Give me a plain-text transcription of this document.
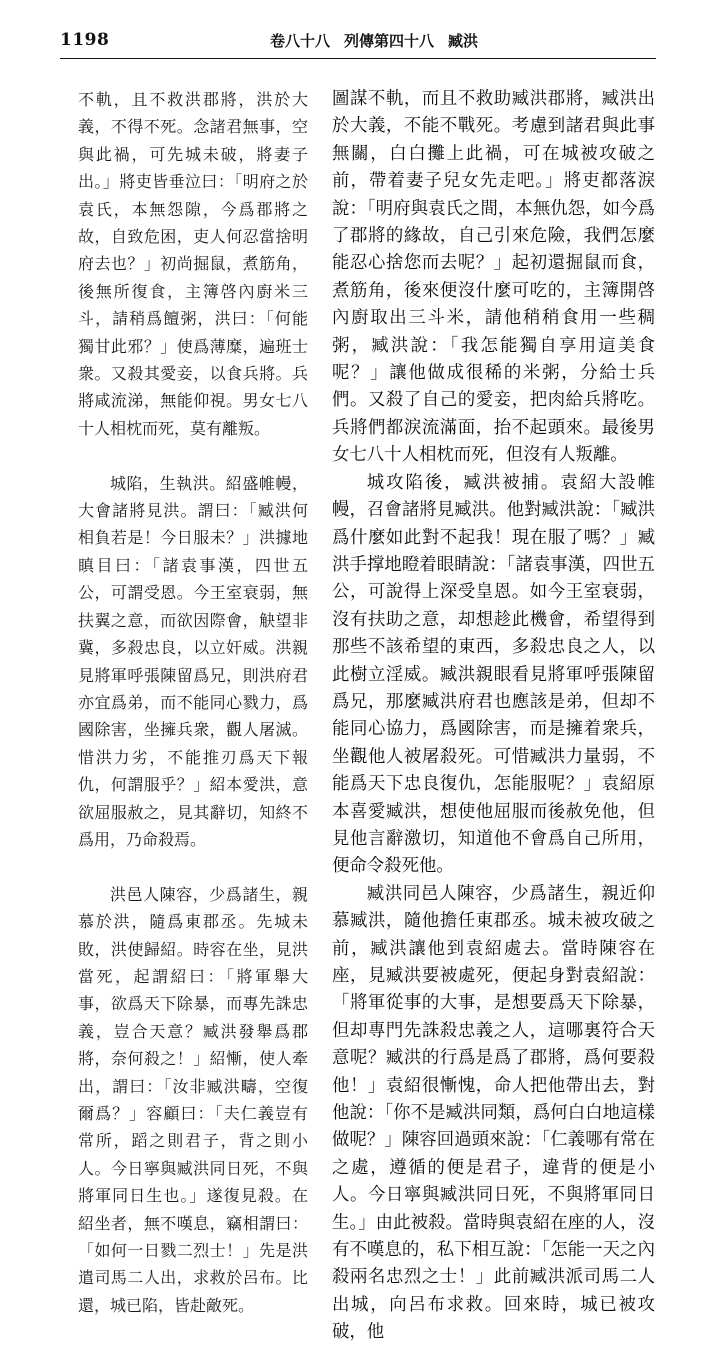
1198	卷八十八 列傳第四十八 臧洪

不軌，且不救洪郡將，洪於大義，不得不死。念諸君無事，空與此禍，可先城未破，將妻子出。」將吏皆垂泣曰：「明府之於袁氏，本無怨隙，今爲郡將之故，自致危困，吏人何忍當捨明府去也？」初尚掘鼠，煮筋角，後無所復食，主簿啓內廚米三斗，請稍爲饘粥，洪曰：「何能獨甘此邪？」使爲薄糜，遍班士衆。又殺其愛妾，以食兵將。兵將咸流涕，無能仰視。男女七八十人相枕而死，莫有離叛。

城陷，生執洪。紹盛帷幔，大會諸將見洪。謂曰：「臧洪何相負若是！今日服未？」洪據地瞋目曰：「諸袁事漢，四世五公，可謂受恩。今王室衰弱，無扶翼之意，而欲因際會，觖望非冀，多殺忠良，以立奸威。洪親見將軍呼張陳留爲兄，則洪府君亦宜爲弟，而不能同心戮力，爲國除害，坐擁兵衆，觀人屠滅。惜洪力劣，不能推刃爲天下報仇，何謂服乎？」紹本愛洪，意欲屈服赦之，見其辭切，知終不爲用，乃命殺焉。

洪邑人陳容，少爲諸生，親慕於洪，隨爲東郡丞。先城未敗，洪使歸紹。時容在坐，見洪當死，起謂紹曰：「將軍舉大事，欲爲天下除暴，而專先誅忠義，豈合天意？臧洪發舉爲郡將，奈何殺之！」紹慚，使人牽出，謂曰：「汝非臧洪疇，空復爾爲？」容顧曰：「夫仁義豈有常所，蹈之則君子，背之則小人。今日寧與臧洪同日死，不與將軍同日生也。」遂復見殺。在紹坐者，無不嘆息，竊相謂曰：「如何一日戮二烈士！」先是洪遣司馬二人出，求救於呂布。比還，城已陷，皆赴敵死。

圖謀不軌，而且不救助臧洪郡將，臧洪出於大義，不能不戰死。考慮到諸君與此事無關，白白攤上此禍，可在城被攻破之前，帶着妻子兒女先走吧。」將吏都落淚說：「明府與袁氏之間，本無仇怨，如今爲了郡將的緣故，自己引來危險，我們怎麼能忍心捨您而去呢？」起初還掘鼠而食，煮筋角，後來便沒什麼可吃的，主簿開啓內廚取出三斗米，請他稍稍食用一些稠粥，臧洪說：「我怎能獨自享用這美食呢？」讓他做成很稀的米粥，分給士兵們。又殺了自己的愛妾，把肉給兵將吃。兵將們都淚流滿面，抬不起頭來。最後男女七八十人相枕而死，但沒有人叛離。

城攻陷後，臧洪被捕。袁紹大設帷幔，召會諸將見臧洪。他對臧洪說：「臧洪爲什麼如此對不起我！現在服了嗎？」臧洪手撑地瞪着眼睛說：「諸袁事漢，四世五公，可說得上深受皇恩。如今王室衰弱，沒有扶助之意，却想趁此機會，希望得到那些不該希望的東西，多殺忠良之人，以此樹立淫威。臧洪親眼看見將軍呼張陳留爲兄，那麼臧洪府君也應該是弟，但却不能同心協力，爲國除害，而是擁着衆兵，坐觀他人被屠殺死。可惜臧洪力量弱，不能爲天下忠良復仇，怎能服呢？」袁紹原本喜愛臧洪，想使他屈服而後赦免他，但見他言辭激切，知道他不會爲自己所用，便命令殺死他。

臧洪同邑人陳容，少爲諸生，親近仰慕臧洪，隨他擔任東郡丞。城未被攻破之前，臧洪讓他到袁紹處去。當時陳容在座，見臧洪要被處死，便起身對袁紹說：「將軍從事的大事，是想要爲天下除暴，但却專門先誅殺忠義之人，這哪裏符合天意呢？臧洪的行爲是爲了郡將，爲何要殺他！」袁紹很慚愧，命人把他帶出去，對他說：「你不是臧洪同類，爲何白白地這樣做呢？」陳容回過頭來說：「仁義哪有常在之處，遵循的便是君子，違背的便是小人。今日寧與臧洪同日死，不與將軍同日生。」由此被殺。當時與袁紹在座的人，沒有不嘆息的，私下相互說：「怎能一天之內殺兩名忠烈之士！」此前臧洪派司馬二人出城，向呂布求救。回來時，城已被攻破，他
